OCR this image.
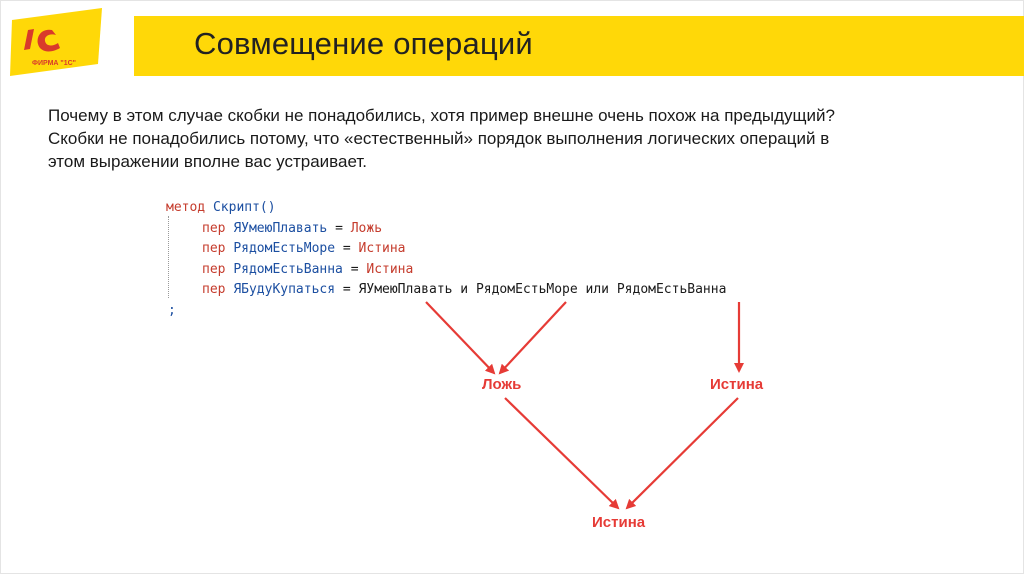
ФИРМА "1С"
Совмещение операций
Почему в этом случае скобки не понадобились, хотя пример внешне очень похож на предыдущий?
Скобки не понадобились потому, что «естественный» порядок выполнения логических операций в
этом выражении вполне вас устраивает.
метод Скрипт()
пер ЯУмеюПлавать = Ложь
пер РядомЕстьМоре = Истина
пер РядомЕстьВанна = Истина
пер ЯБудуКупаться = ЯУмеюПлавать и РядомЕстьМоре или РядомЕстьВанна
;
Ложь	Истина
Истина
